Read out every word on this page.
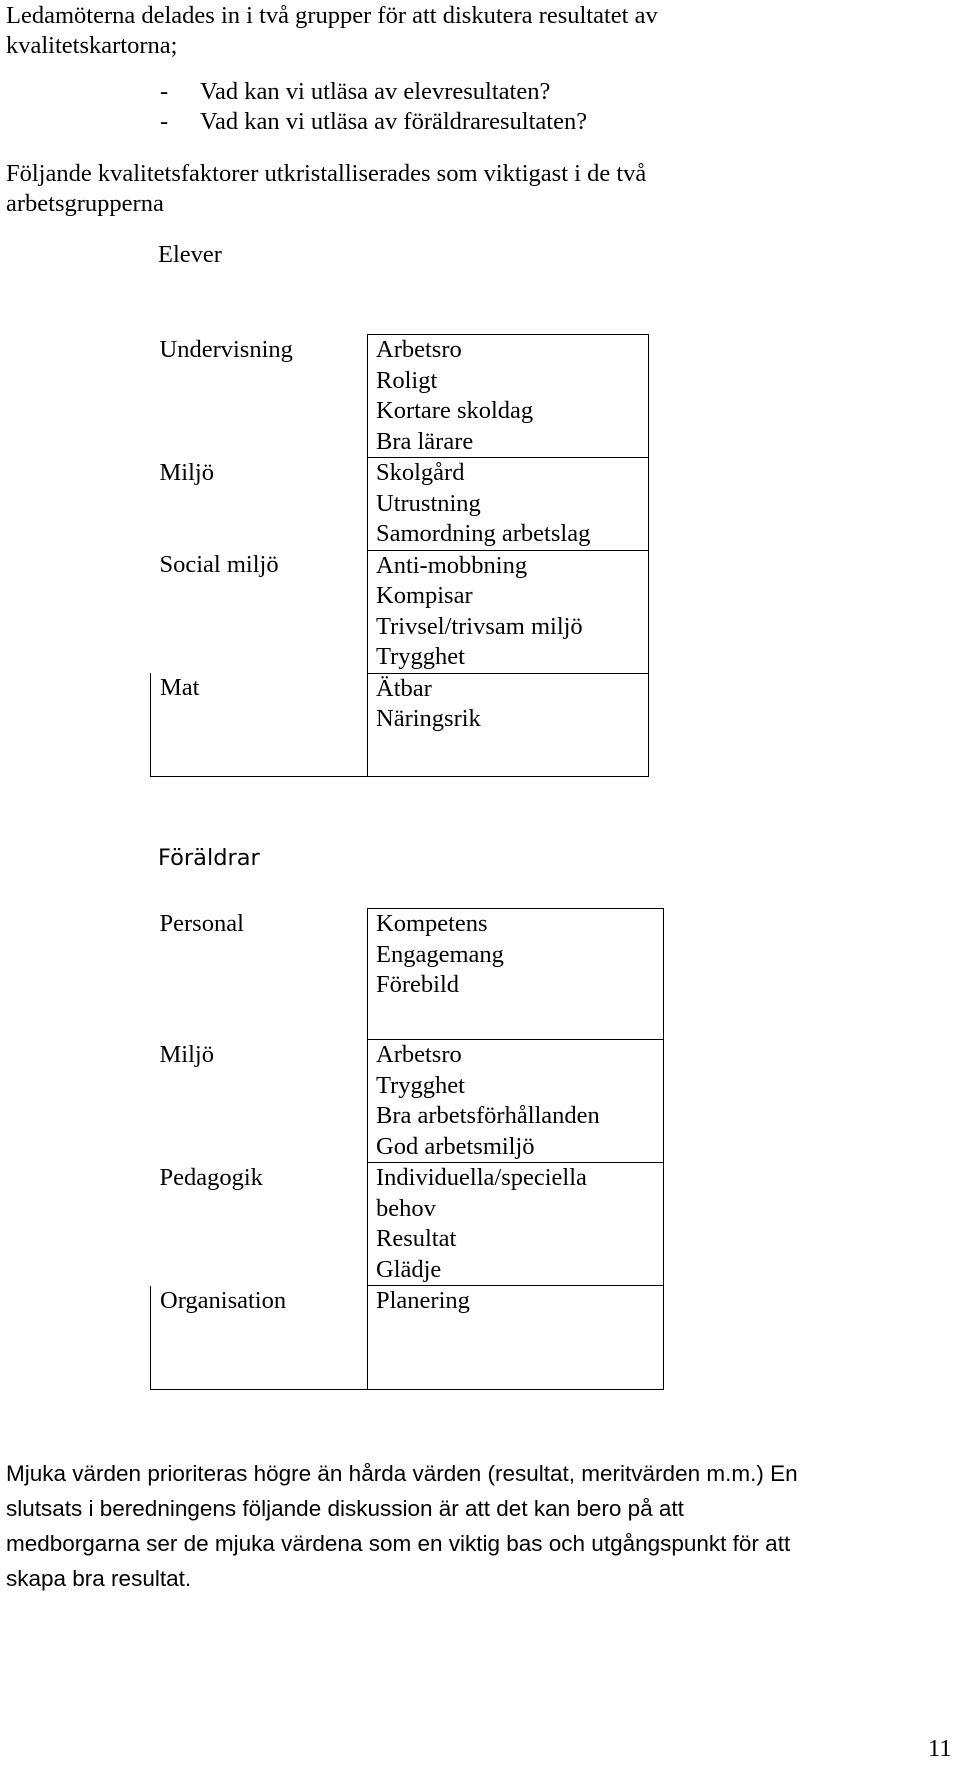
Ledamöterna delades in i två grupper för att diskutera resultatet av
kvalitetskartorna;
- Vad kan vi utläsa av elevresultaten?
- Vad kan vi utläsa av föräldraresultaten?
Följande kvalitetsfaktorer utkristalliserades som viktigast i de två
arbetsgrupperna
Elever
Undervisning	Arbetsro
Roligt
Kortare skoldag
Bra lärare

Miljö	Skolgård
Utrustning
Samordning arbetslag

Social miljö	Anti-mobbning
Kompisar
Trivsel/trivsam miljö
Trygghet

Mat	Ätbar
Näringsrik
Föräldrar
Personal	Kompetens
Engagemang
Förebild

Miljö	Arbetsro
Trygghet
Bra arbetsförhållanden
God arbetsmiljö

Pedagogik	Individuella/speciella
behov
Resultat
Glädje

Organisation	Planering
Mjuka värden prioriteras högre än hårda värden (resultat, meritvärden m.m.) En
slutsats i beredningens följande diskussion är att det kan bero på att
medborgarna ser de mjuka värdena som en viktig bas och utgångspunkt för att
skapa bra resultat.
11
